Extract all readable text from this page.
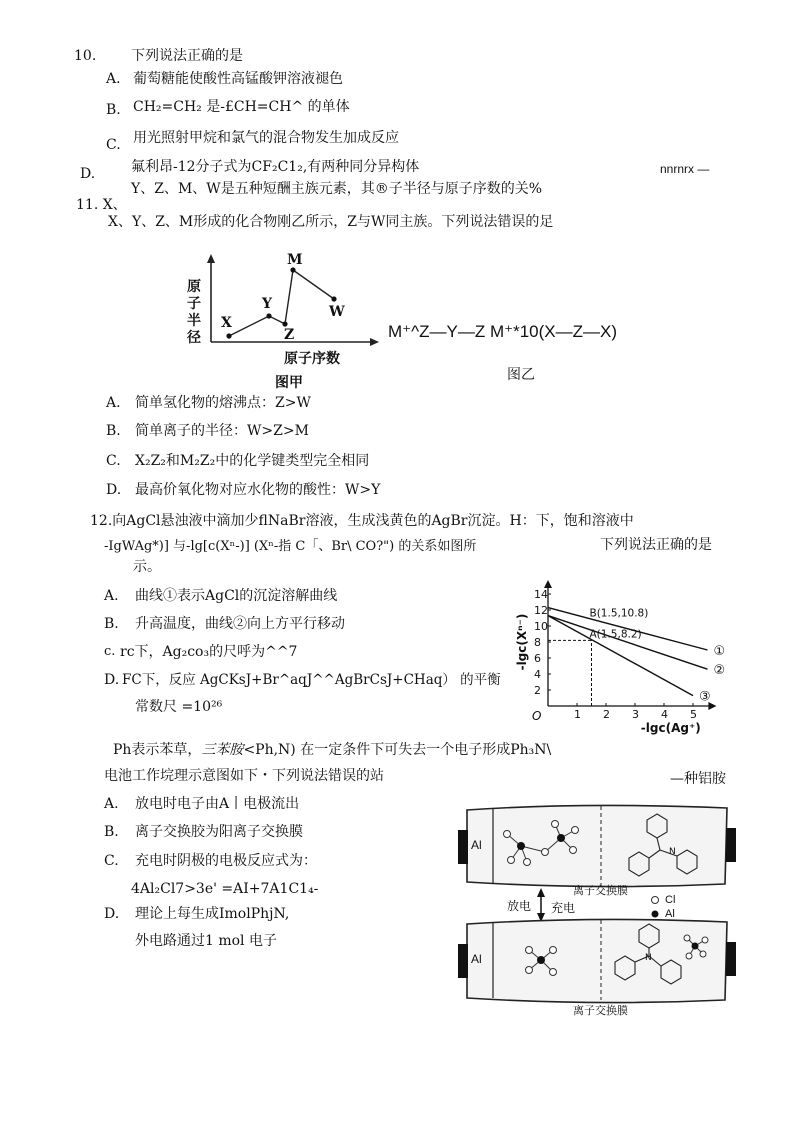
10. 下列说法正确的是
A. 葡萄糖能使酸性高锰酸钾溶液褪色
B. CH₂=CH₂ 是-£CH=CH^ 的单体
C. 用光照射甲烷和氯气的混合物发生加成反应
D.	氟利昂-12分子式为CF₂C1₂,有两种同分异构体	nnrnrx —
Y、Z、M、W是五种短酬主族元素，其®子半径与原子序数的关%
11. X、
X、Y、Z、M形成的化合物刚乙所示，Z与W同主族。下列说法错误的足
原
子
半
径
X
Y
Z
M
W
原子序数
图甲
M⁺^Z—Y—Z M⁺*10(X—Z—X)
图乙
A. 简单氢化物的熔沸点：Z>W
B. 简单离子的半径：W>Z>M
C. X₂Z₂和M₂Z₂中的化学键类型完全相同
D. 最高价氧化物对应水化物的酸性：W>Y
12.向AgCl悬浊液中滴加少flNaBr溶液，生成浅黄色的AgBr沉淀。H：下，饱和溶液中
-IgWAg*)] 与-lg[c(Xⁿ-)] (Xⁿ-指 C「、Br\ CO?") 的关系如图所	下列说法正确的是
示。
A. 曲线①表示AgCl的沉淀溶解曲线
B. 升高温度，曲线②向上方平行移动
c. rc下，Ag₂co₃的尺呼为^^7
D. FC下，反应 AgCKsJ+Br^aqJ^^AgBrCsJ+CHaq） 的平衡
常数尺 =10²⁶	1 2 3 4 5
2
4
6
8
10
12
14
O
-lgc(Ag⁺)
-lgc(Xⁿ⁻)	①
②
③
B(1.5,10.8)
A(1.5,8.2)
Ph表示苯草，三苯胺<Ph,N) 在一定条件下可失去一个电子形成Ph₃N\
电池工作垸理示意图如下・下列说法错误的站	—种铝胺
A. 放电时电子由A丨电极流出
B. 离子交换胶为阳离子交换膜
C. 充电时阴极的电极反应式为：
4Al₂Cl7>3e' =AI+7A1C1₄-
D. 理论上每生成ImolPhjN,
外电路通过1 mol 电子
N
N
Al
离子交换膜
放电 充电
Cl
Al
Al
离子交换膜
